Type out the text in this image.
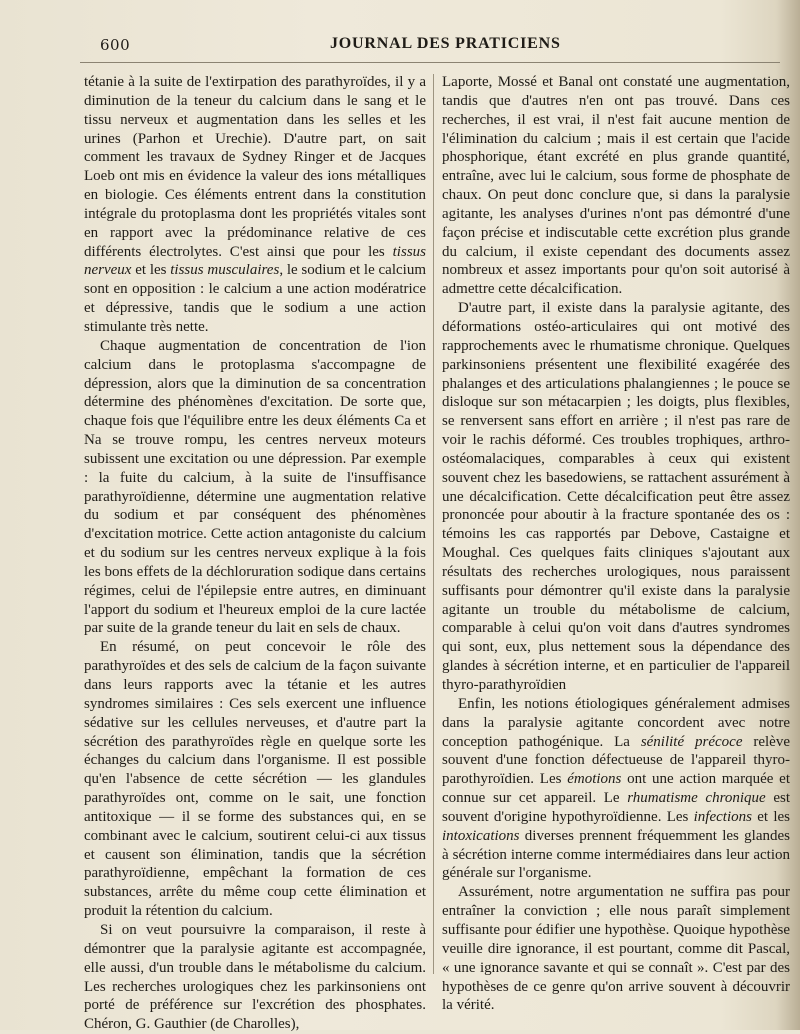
600	JOURNAL DES PRATICIENS

tétanie à la suite de l'extirpation des parathyroïdes, il y a diminution de la teneur du calcium dans le sang et le tissu nerveux et augmentation dans les selles et les urines (Parhon et Urechie). D'autre part, on sait comment les travaux de Sydney Ringer et de Jacques Loeb ont mis en évidence la valeur des ions métalliques en biologie. Ces éléments entrent dans la constitution intégrale du protoplasma dont les propriétés vitales sont en rapport avec la prédominance relative de ces différents électrolytes. C'est ainsi que pour les tissus nerveux et les tissus musculaires, le sodium et le calcium sont en opposition : le calcium a une action modératrice et dépressive, tandis que le sodium a une action stimulante très nette.

Chaque augmentation de concentration de l'ion calcium dans le protoplasma s'accompagne de dépression, alors que la diminution de sa concentration détermine des phénomènes d'excitation. De sorte que, chaque fois que l'équilibre entre les deux éléments Ca et Na se trouve rompu, les centres nerveux moteurs subissent une excitation ou une dépression. Par exemple : la fuite du calcium, à la suite de l'insuffisance parathyroïdienne, détermine une augmentation relative du sodium et par conséquent des phénomènes d'excitation motrice. Cette action antagoniste du calcium et du sodium sur les centres nerveux explique à la fois les bons effets de la déchloruration sodique dans certains régimes, celui de l'épilepsie entre autres, en diminuant l'apport du sodium et l'heureux emploi de la cure lactée par suite de la grande teneur du lait en sels de chaux.

En résumé, on peut concevoir le rôle des parathyroïdes et des sels de calcium de la façon suivante dans leurs rapports avec la tétanie et les autres syndromes similaires : Ces sels exercent une influence sédative sur les cellules nerveuses, et d'autre part la sécrétion des parathyroïdes règle en quelque sorte les échanges du calcium dans l'organisme. Il est possible qu'en l'absence de cette sécrétion — les glandules parathyroïdes ont, comme on le sait, une fonction antitoxique — il se forme des substances qui, en se combinant avec le calcium, soutirent celui-ci aux tissus et causent son élimination, tandis que la sécrétion parathyroïdienne, empêchant la formation de ces substances, arrête du même coup cette élimination et produit la rétention du calcium.

Si on veut poursuivre la comparaison, il reste à démontrer que la paralysie agitante est accompagnée, elle aussi, d'un trouble dans le métabolisme du calcium. Les recherches urologiques chez les parkinsoniens ont porté de préférence sur l'excrétion des phosphates. Chéron, G. Gauthier (de Charolles),

Laporte, Mossé et Banal ont constaté une augmentation, tandis que d'autres n'en ont pas trouvé. Dans ces recherches, il est vrai, il n'est fait aucune mention de l'élimination du calcium ; mais il est certain que l'acide phosphorique, étant excrété en plus grande quantité, entraîne, avec lui le calcium, sous forme de phosphate de chaux. On peut donc conclure que, si dans la paralysie agitante, les analyses d'urines n'ont pas démontré d'une façon précise et indiscutable cette excrétion plus grande du calcium, il existe cependant des documents assez nombreux et assez importants pour qu'on soit autorisé à admettre cette décalcification.

D'autre part, il existe dans la paralysie agitante, des déformations ostéo-articulaires qui ont motivé des rapprochements avec le rhumatisme chronique. Quelques parkinsoniens présentent une flexibilité exagérée des phalanges et des articulations phalangiennes ; le pouce se disloque sur son métacarpien ; les doigts, plus flexibles, se renversent sans effort en arrière ; il n'est pas rare de voir le rachis déformé. Ces troubles trophiques, arthro-ostéomalaciques, comparables à ceux qui existent souvent chez les basedowiens, se rattachent assurément à une décalcification. Cette décalcification peut être assez prononcée pour aboutir à la fracture spontanée des os : témoins les cas rapportés par Debove, Castaigne et Moughal. Ces quelques faits cliniques s'ajoutant aux résultats des recherches urologiques, nous paraissent suffisants pour démontrer qu'il existe dans la paralysie agitante un trouble du métabolisme de calcium, comparable à celui qu'on voit dans d'autres syndromes qui sont, eux, plus nettement sous la dépendance des glandes à sécrétion interne, et en particulier de l'appareil thyro-parathyroïdien

Enfin, les notions étiologiques généralement admises dans la paralysie agitante concordent avec notre conception pathogénique. La sénilité précoce relève souvent d'une fonction défectueuse de l'appareil thyro-parothyroïdien. Les émotions ont une action marquée et connue sur cet appareil. Le rhumatisme chronique est souvent d'origine hypothyroïdienne. Les infections et les intoxications diverses prennent fréquemment les glandes à sécrétion interne comme intermédiaires dans leur action générale sur l'organisme.

Assurément, notre argumentation ne suffira pas pour entraîner la conviction ; elle nous paraît simplement suffisante pour édifier une hypothèse. Quoique hypothèse veuille dire ignorance, il est pourtant, comme dit Pascal, « une ignorance savante et qui se connaît ». C'est par des hypothèses de ce genre qu'on arrive souvent à découvrir la vérité.
